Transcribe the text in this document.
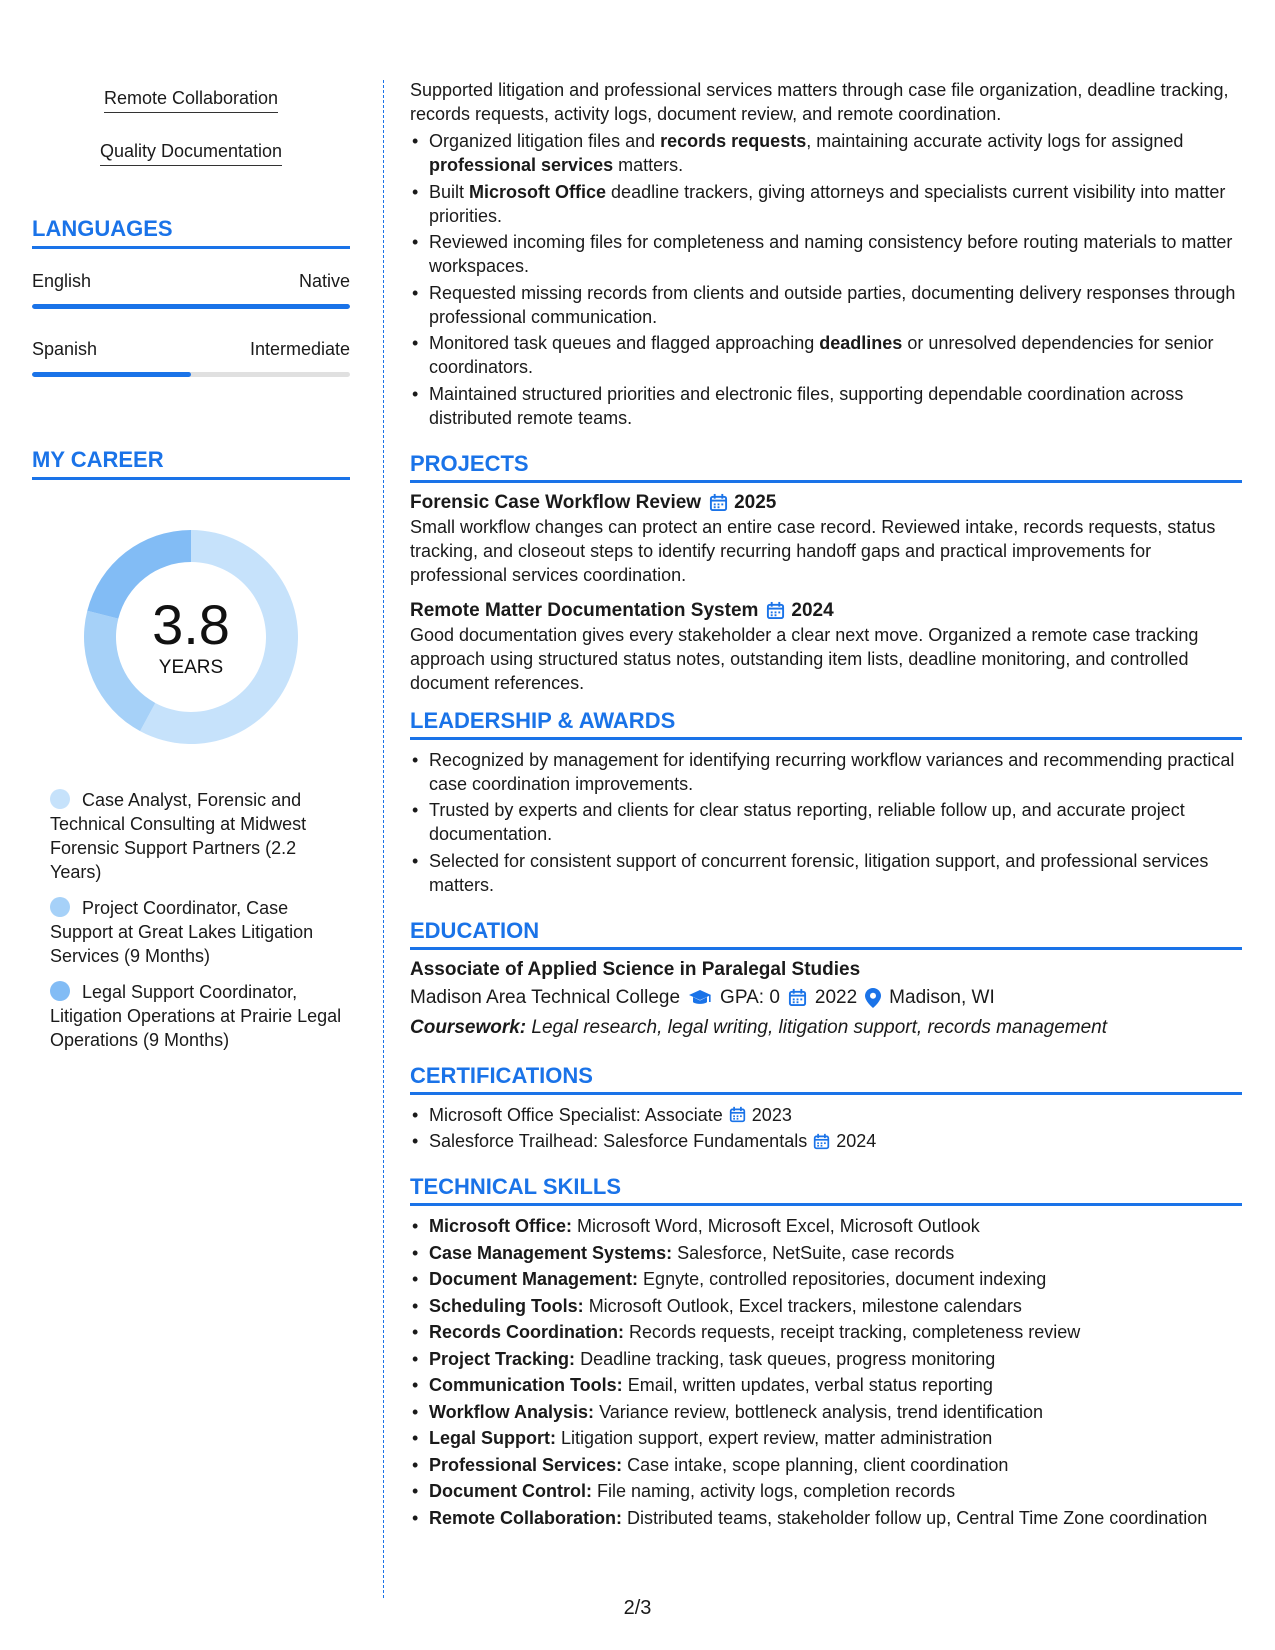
Remote Collaboration
Quality Documentation
LANGUAGES
English	Native
Spanish	Intermediate
MY CAREER
3.8
YEARS
Case Analyst, Forensic and Technical Consulting at Midwest Forensic Support Partners (2.2 Years)
Project Coordinator, Case Support at Great Lakes Litigation Services (9 Months)
Legal Support Coordinator, Litigation Operations at Prairie Legal Operations (9 Months)

Supported litigation and professional services matters through case file organization, deadline tracking, records requests, activity logs, document review, and remote coordination.

• Organized litigation files and records requests, maintaining accurate activity logs for assigned professional services matters.
• Built Microsoft Office deadline trackers, giving attorneys and specialists current visibility into matter priorities.
• Reviewed incoming files for completeness and naming consistency before routing materials to matter workspaces.
• Requested missing records from clients and outside parties, documenting delivery responses through professional communication.
• Monitored task queues and flagged approaching deadlines or unresolved dependencies for senior coordinators.
• Maintained structured priorities and electronic files, supporting dependable coordination across distributed remote teams.
PROJECTS
Forensic Case Workflow Review 2025

Small workflow changes can protect an entire case record. Reviewed intake, records requests, status tracking, and closeout steps to identify recurring handoff gaps and practical improvements for professional services coordination.

Remote Matter Documentation System 2024

Good documentation gives every stakeholder a clear next move. Organized a remote case tracking approach using structured status notes, outstanding item lists, deadline monitoring, and controlled document references.

LEADERSHIP & AWARDS
• Recognized by management for identifying recurring workflow variances and recommending practical case coordination improvements.
• Trusted by experts and clients for clear status reporting, reliable follow up, and accurate project documentation.
• Selected for consistent support of concurrent forensic, litigation support, and professional services matters.
EDUCATION
Associate of Applied Science in Paralegal Studies
Madison Area Technical College GPA: 0 2022 Madison, WI
Coursework: Legal research, legal writing, litigation support, records management
CERTIFICATIONS
• Microsoft Office Specialist: Associate 2023
• Salesforce Trailhead: Salesforce Fundamentals 2024
TECHNICAL SKILLS
• Microsoft Office: Microsoft Word, Microsoft Excel, Microsoft Outlook
• Case Management Systems: Salesforce, NetSuite, case records
• Document Management: Egnyte, controlled repositories, document indexing
• Scheduling Tools: Microsoft Outlook, Excel trackers, milestone calendars
• Records Coordination: Records requests, receipt tracking, completeness review
• Project Tracking: Deadline tracking, task queues, progress monitoring
• Communication Tools: Email, written updates, verbal status reporting
• Workflow Analysis: Variance review, bottleneck analysis, trend identification
• Legal Support: Litigation support, expert review, matter administration
• Professional Services: Case intake, scope planning, client coordination
• Document Control: File naming, activity logs, completion records
• Remote Collaboration: Distributed teams, stakeholder follow up, Central Time Zone coordination
2/3
